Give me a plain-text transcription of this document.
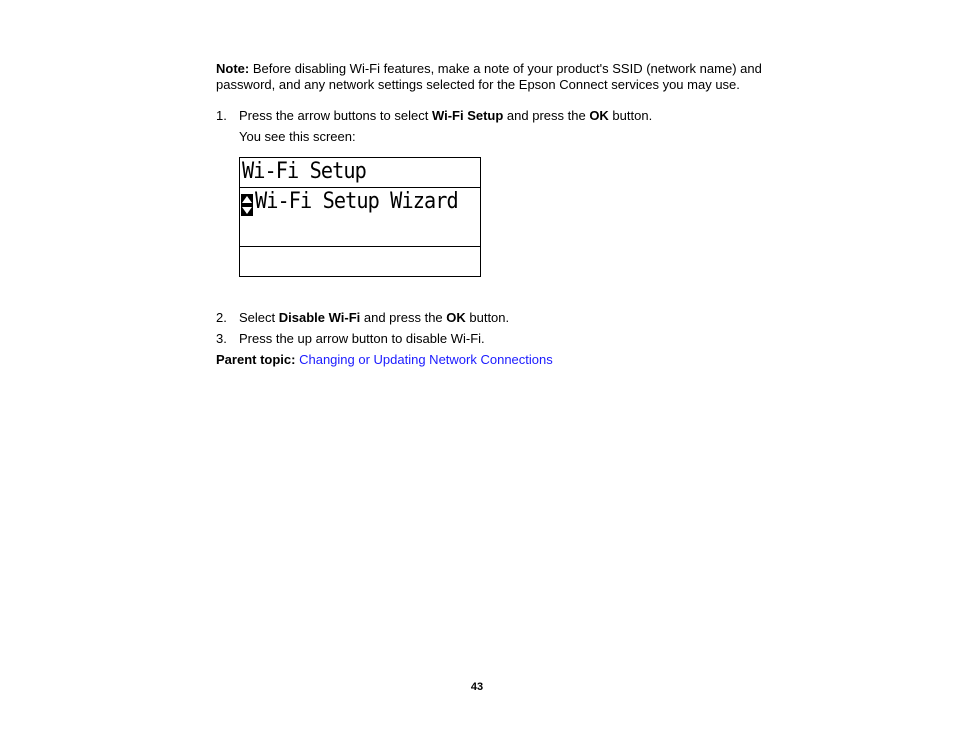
Note: Before disabling Wi-Fi features, make a note of your product's SSID (network name) and password, and any network settings selected for the Epson Connect services you may use.
1. Press the arrow buttons to select Wi-Fi Setup and press the OK button.
You see this screen:
Wi-Fi Setup
Wi-Fi Setup Wizard
2. Select Disable Wi-Fi and press the OK button.
3. Press the up arrow button to disable Wi-Fi.
Parent topic: Changing or Updating Network Connections
43
